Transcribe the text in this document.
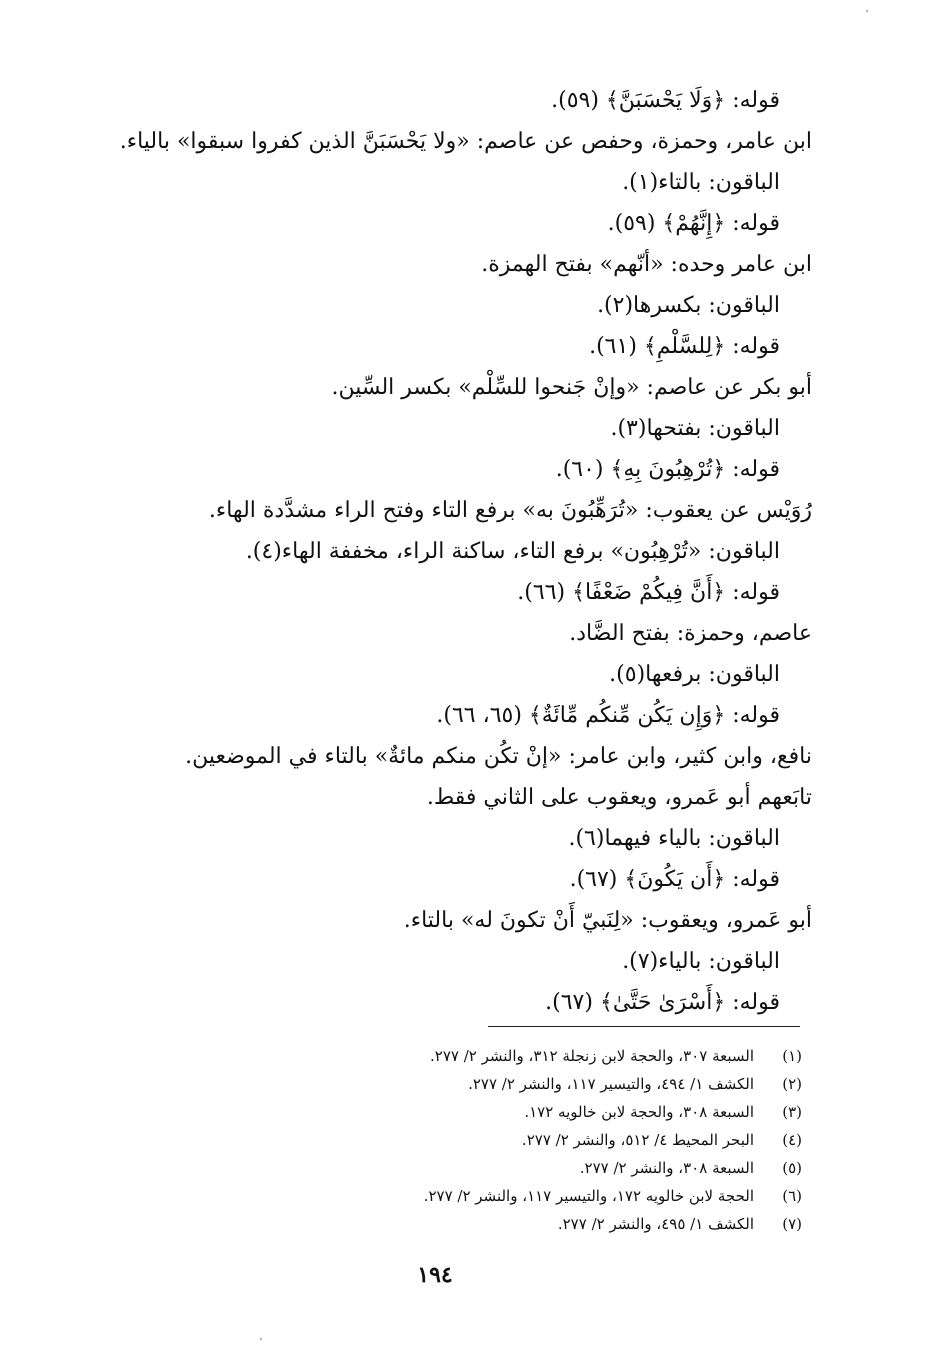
قوله: ﴿وَلَا يَحْسَبَنَّ﴾ (٥٩).
ابن عامر، وحمزة، وحفص عن عاصم: «ولا يَحْسَبَنَّ الذين كفروا سبقوا» بالياء.
الباقون: بالتاء(١).
قوله: ﴿إِنَّهُمْ﴾ (٥٩).
ابن عامر وحده: «أنّهم» بفتح الهمزة.
الباقون: بكسرها(٢).
قوله: ﴿لِلسَّلْمِ﴾ (٦١).
أبو بكر عن عاصم: «وإنْ جَنحوا للسِّلْم» بكسر السِّين.
الباقون: بفتحها(٣).
قوله: ﴿تُرْهِبُونَ بِهِ﴾ (٦٠).
رُوَيْس عن يعقوب: «تُرَهِّبُونَ به» برفع التاء وفتح الراء مشدَّدة الهاء.
الباقون: «تُرْهِبُون» برفع التاء، ساكنة الراء، مخففة الهاء(٤).
قوله: ﴿أَنَّ فِيكُمْ ضَعْفًا﴾ (٦٦).
عاصم، وحمزة: بفتح الضَّاد.
الباقون: برفعها(٥).
قوله: ﴿وَإِن يَكُن مِّنكُم مِّائَةٌ﴾ (٦٥، ٦٦).
نافع، وابن كثير، وابن عامر: «إنْ تكُن منكم مائةٌ» بالتاء في الموضعين.
تابَعهم أبو عَمرو، ويعقوب على الثاني فقط.
الباقون: بالياء فيهما(٦).
قوله: ﴿أَن يَكُونَ﴾ (٦٧).
أبو عَمرو، ويعقوب: «لِنَبيّ أَنْ تكونَ له» بالتاء.
الباقون: بالياء(٧).
قوله: ﴿أَسْرَىٰ حَتَّىٰ﴾ (٦٧).
(١)السبعة ٣٠٧، والحجة لابن زنجلة ٣١٢، والنشر ٢/ ٢٧٧.
(٢)الكشف ١/ ٤٩٤، والتيسير ١١٧، والنشر ٢/ ٢٧٧.
(٣)السبعة ٣٠٨، والحجة لابن خالويه ١٧٢.
(٤)البحر المحيط ٤/ ٥١٢، والنشر ٢/ ٢٧٧.
(٥)السبعة ٣٠٨، والنشر ٢/ ٢٧٧.
(٦)الحجة لابن خالويه ١٧٢، والتيسير ١١٧، والنشر ٢/ ٢٧٧.
(٧)الكشف ١/ ٤٩٥، والنشر ٢/ ٢٧٧.
١٩٤
